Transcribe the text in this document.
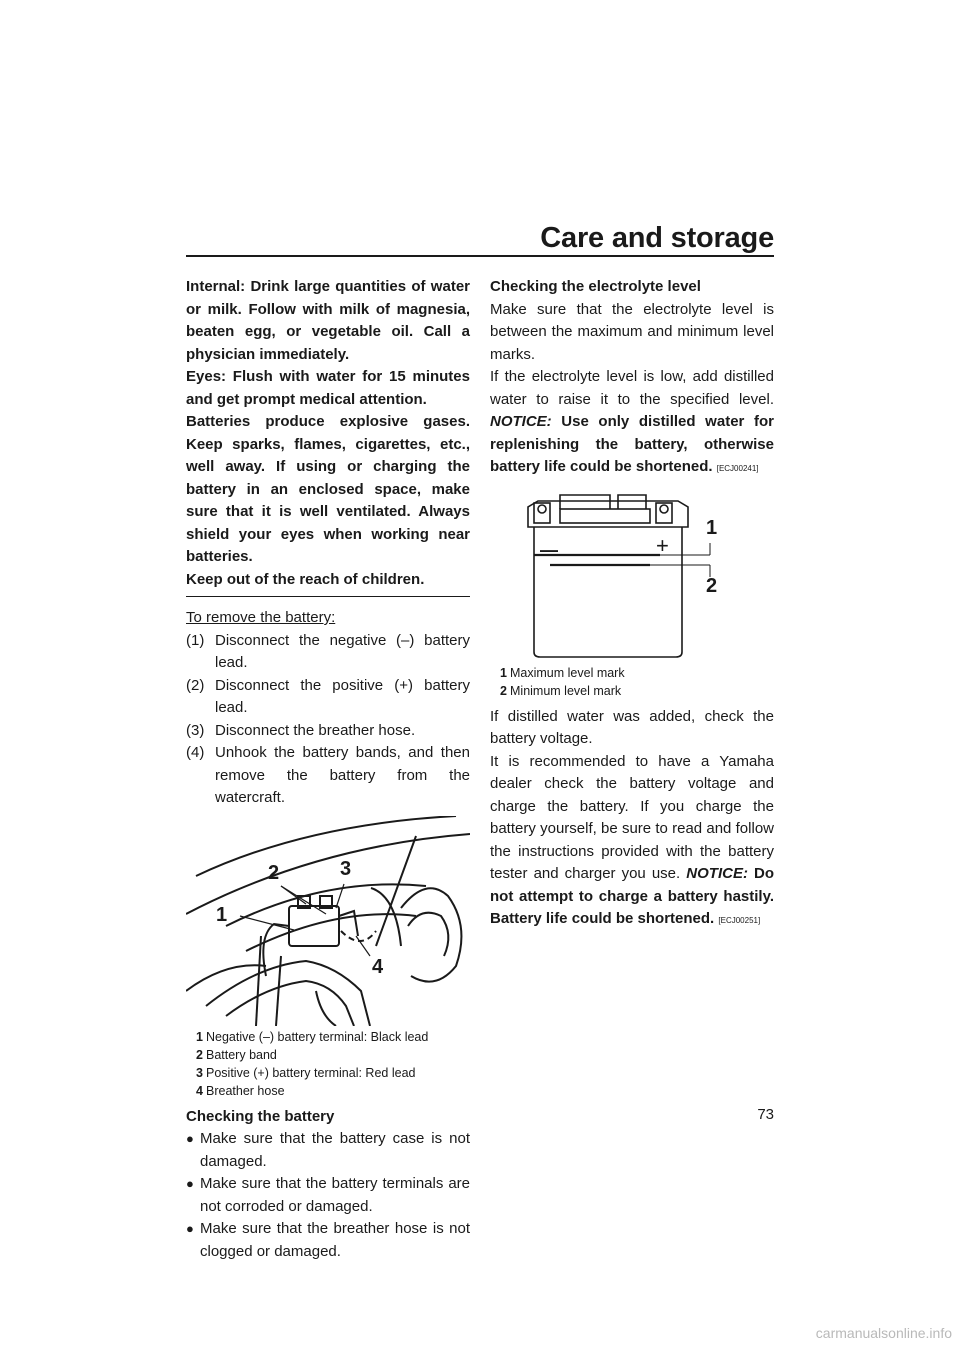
Care and storage

Internal: Drink large quantities of water or milk. Follow with milk of magnesia, beaten egg, or vegetable oil. Call a physician immediately.

Eyes: Flush with water for 15 minutes and get prompt medical attention.

Batteries produce explosive gases. Keep sparks, flames, cigarettes, etc., well away. If using or charging the battery in an enclosed space, make sure that it is well ventilated. Always shield your eyes when working near batteries.

Keep out of the reach of children.

To remove the battery:

(1) Disconnect the negative (–) battery lead.
(2) Disconnect the positive (+) battery lead.
(3) Disconnect the breather hose.
(4) Unhook the battery bands, and then remove the battery from the watercraft.
1
2	3
4
1 Negative (–) battery terminal: Black lead
2 Battery band
3 Positive (+) battery terminal: Red lead
4 Breather hose

Checking the battery

● Make sure that the battery case is not damaged.
● Make sure that the battery terminals are not corroded or damaged.
● Make sure that the breather hose is not clogged or damaged.

Checking the electrolyte level

Make sure that the electrolyte level is between the maximum and minimum level marks.

If the electrolyte level is low, add distilled water to raise it to the specified level. NOTICE: Use only distilled water for replenishing the battery, otherwise battery life could be shortened. [ECJ00241]

—	+
1
2
1 Maximum level mark
2 Minimum level mark

If distilled water was added, check the battery voltage.

It is recommended to have a Yamaha dealer check the battery voltage and charge the battery. If you charge the battery yourself, be sure to read and follow the instructions provided with the battery tester and charger you use. NOTICE: Do not attempt to charge a battery hastily. Battery life could be shortened. [ECJ00251]

73
carmanualsonline.info
